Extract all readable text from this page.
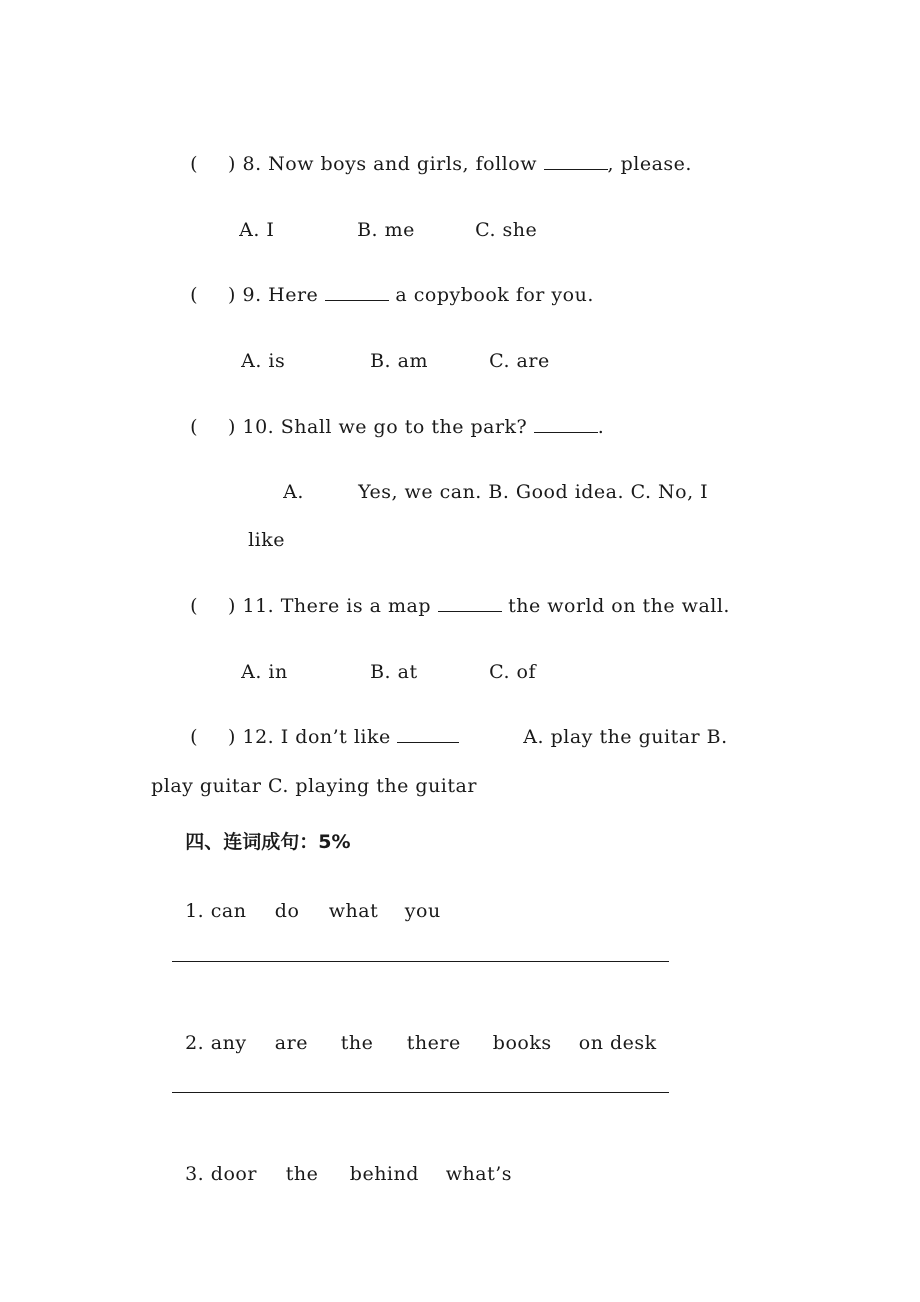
( ) 8. Now boys and girls, follow	, please.

A. I	B. me	C. she

( ) 9. Here	a copybook for you.

A. is	B. am	C. are

( ) 10. Shall we go to the park?	.

A.	Yes, we can. B. Good idea. C. No, I

like

( ) 11. There is a map	the world on the wall.

A. in	B. at	C. of

( ) 12. I don’t like	A. play the guitar B.

play guitar C. playing the guitar

四、连词成句：5%

1. can do what you

2. any are the there books on desk

3. door the behind what’s
